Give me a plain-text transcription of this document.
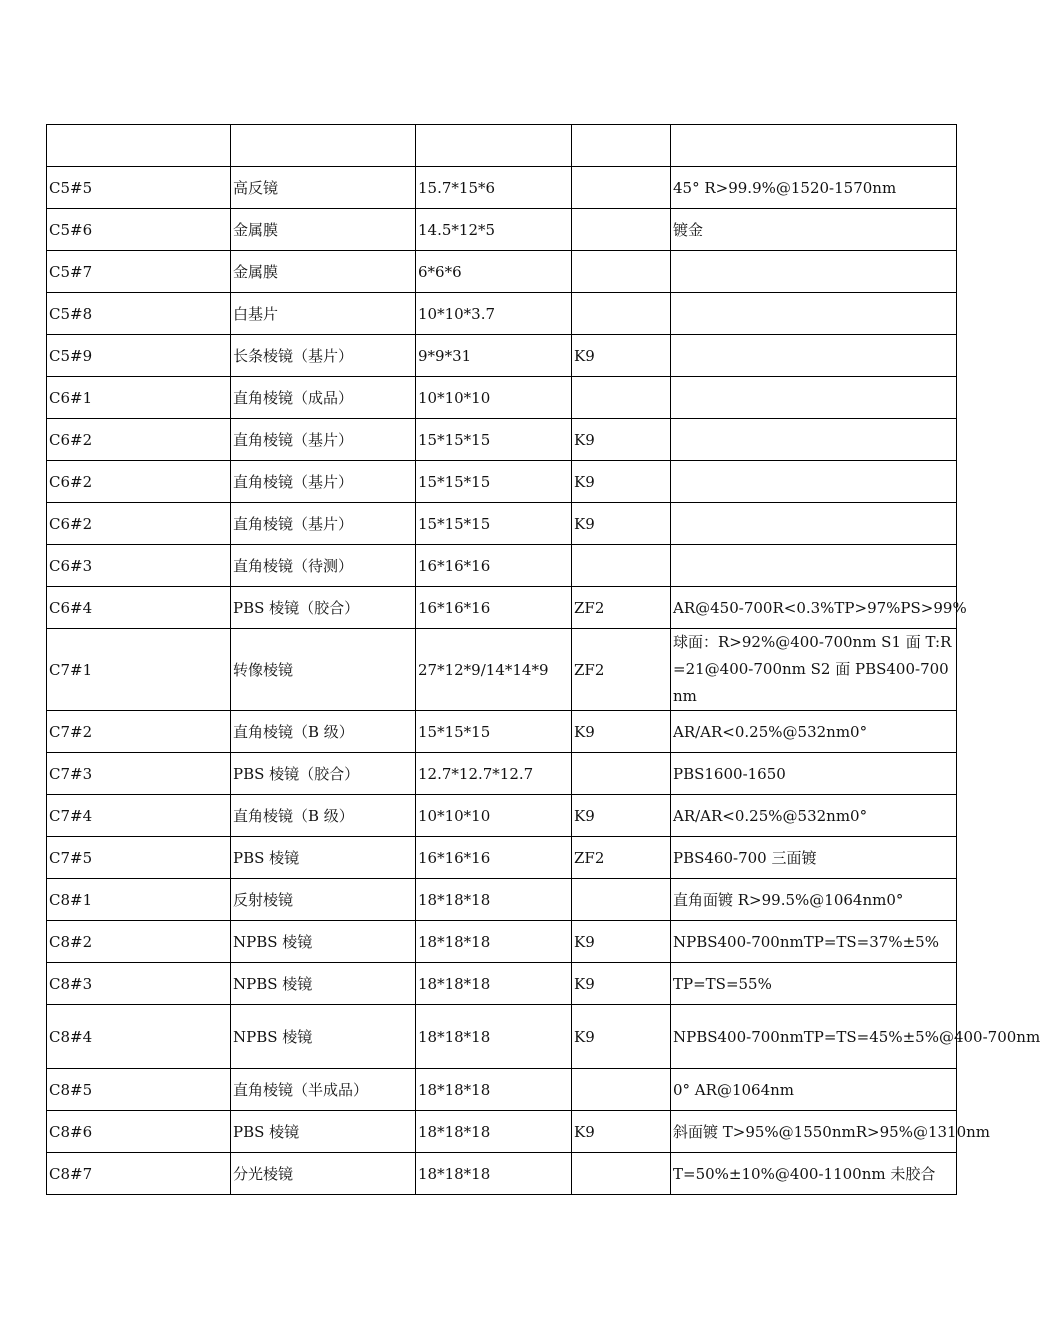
C5#5	高反镜	15.7*15*6		45° R>99.9%@1520-1570nm
C5#6	金属膜	14.5*12*5		镀金
C5#7	金属膜	6*6*6		
C5#8	白基片	10*10*3.7		
C5#9	长条棱镜（基片）	9*9*31	K9	
C6#1	直角棱镜（成品）	10*10*10		
C6#2	直角棱镜（基片）	15*15*15	K9	
C6#2	直角棱镜（基片）	15*15*15	K9	
C6#2	直角棱镜（基片）	15*15*15	K9	
C6#3	直角棱镜（待测）	16*16*16		
C6#4	PBS 棱镜（胶合）	16*16*16	ZF2	AR@450-700R<0.3%TP>97%PS>99%
C7#1	转像棱镜	27*12*9/14*14*9	ZF2	球面：R>92%@400-700nm S1 面 T:R=21@400-700nm S2 面 PBS400-700nm
C7#2	直角棱镜（B 级）	15*15*15	K9	AR/AR<0.25%@532nm0°
C7#3	PBS 棱镜（胶合）	12.7*12.7*12.7		PBS1600-1650
C7#4	直角棱镜（B 级）	10*10*10	K9	AR/AR<0.25%@532nm0°
C7#5	PBS 棱镜	16*16*16	ZF2	PBS460-700 三面镀
C8#1	反射棱镜	18*18*18		直角面镀 R>99.5%@1064nm0°
C8#2	NPBS 棱镜	18*18*18	K9	NPBS400-700nmTP=TS=37%±5%
C8#3	NPBS 棱镜	18*18*18	K9	TP=TS=55%
C8#4	NPBS 棱镜	18*18*18	K9	NPBS400-700nmTP=TS=45%±5%@400-700nm
C8#5	直角棱镜（半成品）	18*18*18		0° AR@1064nm
C8#6	PBS 棱镜	18*18*18	K9	斜面镀 T>95%@1550nmR>95%@1310nm
C8#7	分光棱镜	18*18*18		T=50%±10%@400-1100nm 未胶合
